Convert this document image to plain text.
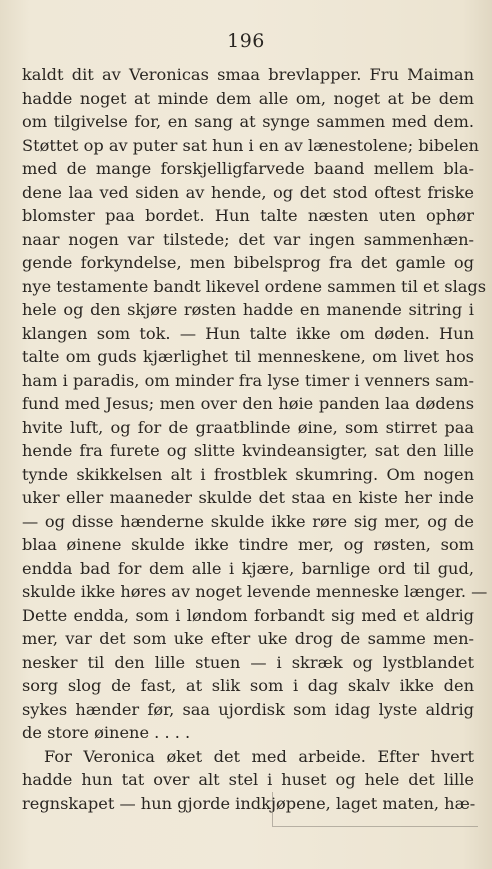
196
kaldt dit av Veronicas smaa brevlapper. Fru Maiman
hadde noget at minde dem alle om, noget at be dem
om tilgivelse for, en sang at synge sammen med dem.
Støttet op av puter sat hun i en av lænestolene; bibelen
med de mange forskjelligfarvede baand mellem bla-
dene laa ved siden av hende, og det stod oftest friske
blomster paa bordet. Hun talte næsten uten ophør
naar nogen var tilstede; det var ingen sammenhæn-
gende forkyndelse, men bibelsprog fra det gamle og
nye testamente bandt likevel ordene sammen til et slags
hele og den skjøre røsten hadde en manende sitring i
klangen som tok. — Hun talte ikke om døden. Hun
talte om guds kjærlighet til menneskene, om livet hos
ham i paradis, om minder fra lyse timer i venners sam-
fund med Jesus; men over den høie panden laa dødens
hvite luft, og for de graatblinde øine, som stirret paa
hende fra furete og slitte kvindeansigter, sat den lille
tynde skikkelsen alt i frostblek skumring. Om nogen
uker eller maaneder skulde det staa en kiste her inde
— og disse hænderne skulde ikke røre sig mer, og de
blaa øinene skulde ikke tindre mer, og røsten, som
endda bad for dem alle i kjære, barnlige ord til gud,
skulde ikke høres av noget levende menneske længer. —
Dette endda, som i løndom forbandt sig med et aldrig
mer, var det som uke efter uke drog de samme men-
nesker til den lille stuen — i skræk og lystblandet
sorg slog de fast, at slik som i dag skalv ikke den
sykes hænder før, saa ujordisk som idag lyste aldrig
de store øinene . . . .
For Veronica øket det med arbeide. Efter hvert
hadde hun tat over alt stel i huset og hele det lille
regnskapet — hun gjorde indkjøpene, laget maten, hæ-
